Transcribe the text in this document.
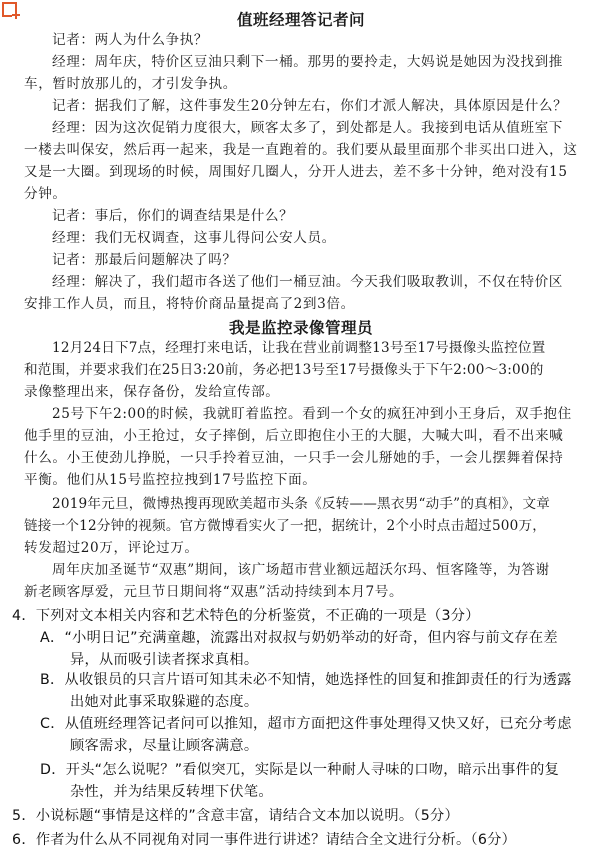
值班经理答记者问
记者：两人为什么争执？
经理：周年庆，特价区豆油只剩下一桶。那男的要拎走，大妈说是她因为没找到推
车，暂时放那儿的，才引发争执。
记者：据我们了解，这件事发生20分钟左右，你们才派人解决，具体原因是什么？
经理：因为这次促销力度很大，顾客太多了，到处都是人。我接到电话从值班室下
一楼去叫保安，然后再一起来，我是一直跑着的。我们要从最里面那个非买出口进入，这
又是一大圈。到现场的时候，周围好几圈人，分开人进去，差不多十分钟，绝对没有15
分钟。
记者：事后，你们的调查结果是什么？
经理：我们无权调查，这事儿得问公安人员。
记者：那最后问题解决了吗？
经理：解决了，我们超市各送了他们一桶豆油。今天我们吸取教训，不仅在特价区
安排工作人员，而且，将特价商品量提高了2到3倍。
我是监控录像管理员
12月24日下7点，经理打来电话，让我在营业前调整13号至17号摄像头监控位置
和范围，并要求我们在25日3:20前，务必把13号至17号摄像头于下午2:00～3:00的
录像整理出来，保存备份，发给宣传部。
25号下午2:00的时候，我就盯着监控。看到一个女的疯狂冲到小王身后，双手抱住
他手里的豆油，小王抢过，女子摔倒，后立即抱住小王的大腿，大喊大叫，看不出来喊
什么。小王使劲儿挣脱，一只手拎着豆油，一只手一会儿掰她的手，一会儿摆舞着保持
平衡。他们从15号监控拉拽到17号监控下面。
2019年元旦，微博热搜再现欧美超市头条《反转——黑衣男“动手”的真相》，文章
链接一个12分钟的视频。官方微博看实火了一把，据统计，2个小时点击超过500万，
转发超过20万，评论过万。
周年庆加圣诞节“双惠”期间，该广场超市营业额远超沃尔玛、恒客隆等，为答谢
新老顾客厚爱，元旦节日期间将“双惠”活动持续到本月7号。
4．下列对文本相关内容和艺术特色的分析鉴赏，不正确的一项是（3分）
A．“小明日记”充满童趣，流露出对叔叔与奶奶举动的好奇，但内容与前文存在差
异，从而吸引读者探求真相。
B．从收银员的只言片语可知其未必不知情，她选择性的回复和推卸责任的行为透露
出她对此事采取躲避的态度。
C．从值班经理答记者问可以推知，超市方面把这件事处理得又快又好，已充分考虑
顾客需求，尽量让顾客满意。
D．开头“怎么说呢？”看似突兀，实际是以一种耐人寻味的口吻，暗示出事件的复
杂性，并为结果反转埋下伏笔。
5．小说标题“事情是这样的”含意丰富，请结合文本加以说明。（5分）
6．作者为什么从不同视角对同一事件进行讲述？请结合全文进行分析。（6分）
